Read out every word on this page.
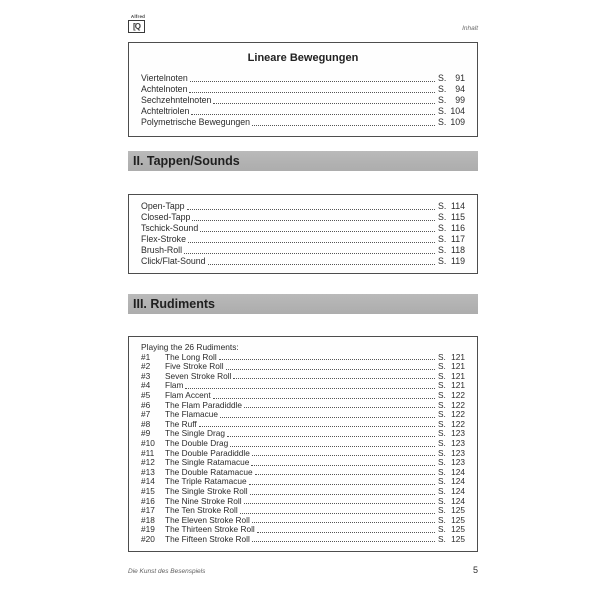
Alfred
[Q	Inhalt
Lineare Bewegungen
Viertelnoten	S. 91
Achtelnoten	S. 94
Sechzehntelnoten	S. 99
Achteltriolen	S. 104
Polymetrische Bewegungen	S. 109
II. Tappen/Sounds
Open-Tapp	S. 114
Closed-Tapp	S. 115
Tschick-Sound	S. 116
Flex-Stroke	S. 117
Brush-Roll	S. 118
Click/Flat-Sound	S. 119
III. Rudiments
Playing the 26 Rudiments:
#1	The Long Roll	S. 121
#2	Five Stroke Roll	S. 121
#3	Seven Stroke Roll	S. 121
#4	Flam	S. 121
#5	Flam Accent	S. 122
#6	The Flam Paradiddle	S. 122
#7	The Flamacue	S. 122
#8	The Ruff	S. 122
#9	The Single Drag	S. 123
#10	The Double Drag	S. 123
#11	The Double Paradiddle	S. 123
#12	The Single Ratamacue	S. 123
#13	The Double Ratamacue	S. 124
#14	The Triple Ratamacue	S. 124
#15	The Single Stroke Roll	S. 124
#16	The Nine Stroke Roll	S. 124
#17	The Ten Stroke Roll	S. 125
#18	The Eleven Stroke Roll	S. 125
#19	The Thirteen Stroke Roll	S. 125
#20	The Fifteen Stroke Roll	S. 125
Die Kunst des Besenspiels	5
